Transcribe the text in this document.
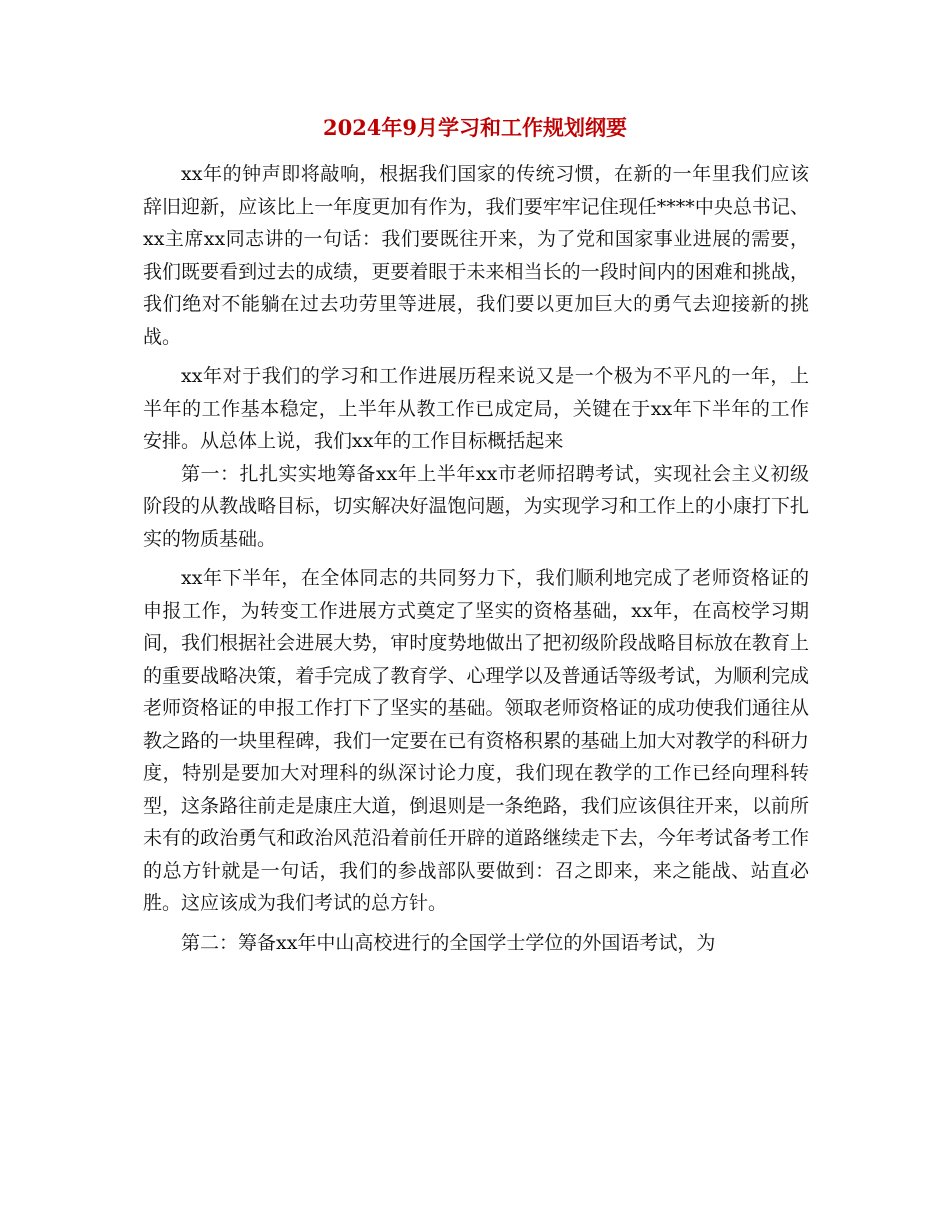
2024年9月学习和工作规划纲要

xx年的钟声即将敲响，根据我们国家的传统习惯，在新的一年里我们应该辞旧迎新，应该比上一年度更加有作为，我们要牢牢记住现任****中央总书记、xx主席xx同志讲的一句话：我们要既往开来，为了党和国家事业进展的需要，我们既要看到过去的成绩，更要着眼于未来相当长的一段时间内的困难和挑战，我们绝对不能躺在过去功劳里等进展，我们要以更加巨大的勇气去迎接新的挑战。

xx年对于我们的学习和工作进展历程来说又是一个极为不平凡的一年，上半年的工作基本稳定，上半年从教工作已成定局，关键在于xx年下半年的工作安排。从总体上说，我们xx年的工作目标概括起来

第一：扎扎实实地筹备xx年上半年xx市老师招聘考试，实现社会主义初级阶段的从教战略目标，切实解决好温饱问题，为实现学习和工作上的小康打下扎实的物质基础。

xx年下半年，在全体同志的共同努力下，我们顺利地完成了老师资格证的申报工作，为转变工作进展方式奠定了坚实的资格基础，xx年，在高校学习期间，我们根据社会进展大势，审时度势地做出了把初级阶段战略目标放在教育上的重要战略决策，着手完成了教育学、心理学以及普通话等级考试，为顺利完成老师资格证的申报工作打下了坚实的基础。领取老师资格证的成功使我们通往从教之路的一块里程碑，我们一定要在已有资格积累的基础上加大对教学的科研力度，特别是要加大对理科的纵深讨论力度，我们现在教学的工作已经向理科转型，这条路往前走是康庄大道，倒退则是一条绝路，我们应该俱往开来，以前所未有的政治勇气和政治风范沿着前任开辟的道路继续走下去，今年考试备考工作的总方针就是一句话，我们的参战部队要做到：召之即来，来之能战、站直必胜。这应该成为我们考试的总方针。

第二：筹备xx年中山高校进行的全国学士学位的外国语考试，为
